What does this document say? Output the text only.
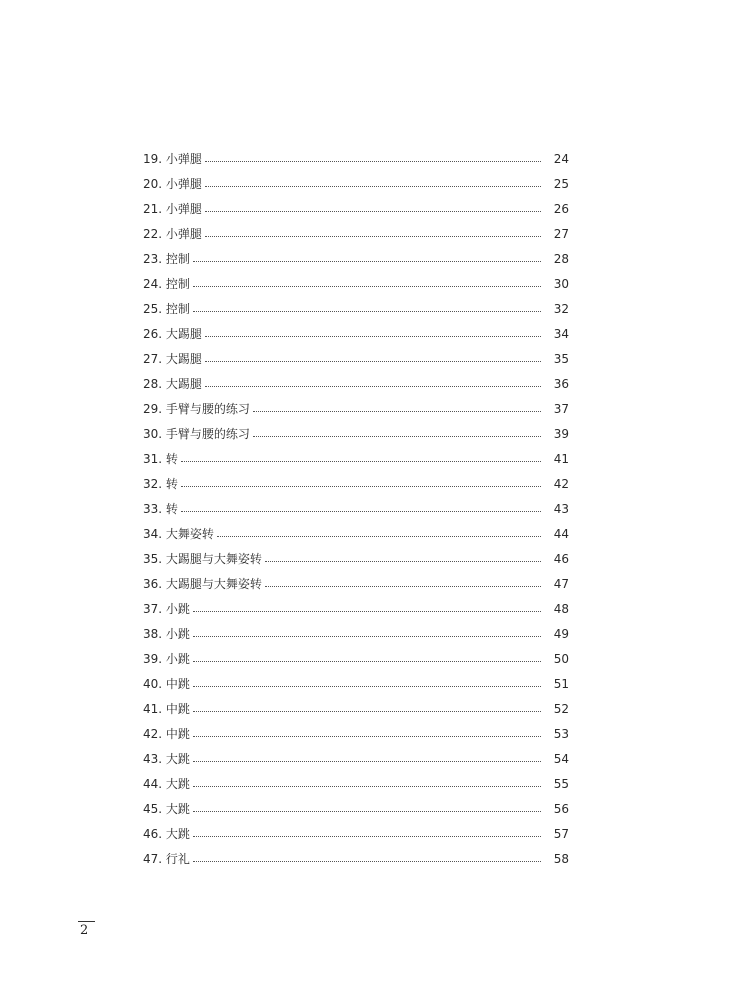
19. 小弹腿	24
20. 小弹腿	25
21. 小弹腿	26
22. 小弹腿	27
23. 控制	28
24. 控制	30
25. 控制	32
26. 大踢腿	34
27. 大踢腿	35
28. 大踢腿	36
29. 手臂与腰的练习	37
30. 手臂与腰的练习	39
31. 转	41
32. 转	42
33. 转	43
34. 大舞姿转	44
35. 大踢腿与大舞姿转	46
36. 大踢腿与大舞姿转	47
37. 小跳	48
38. 小跳	49
39. 小跳	50
40. 中跳	51
41. 中跳	52
42. 中跳	53
43. 大跳	54
44. 大跳	55
45. 大跳	56
46. 大跳	57
47. 行礼	58
2
